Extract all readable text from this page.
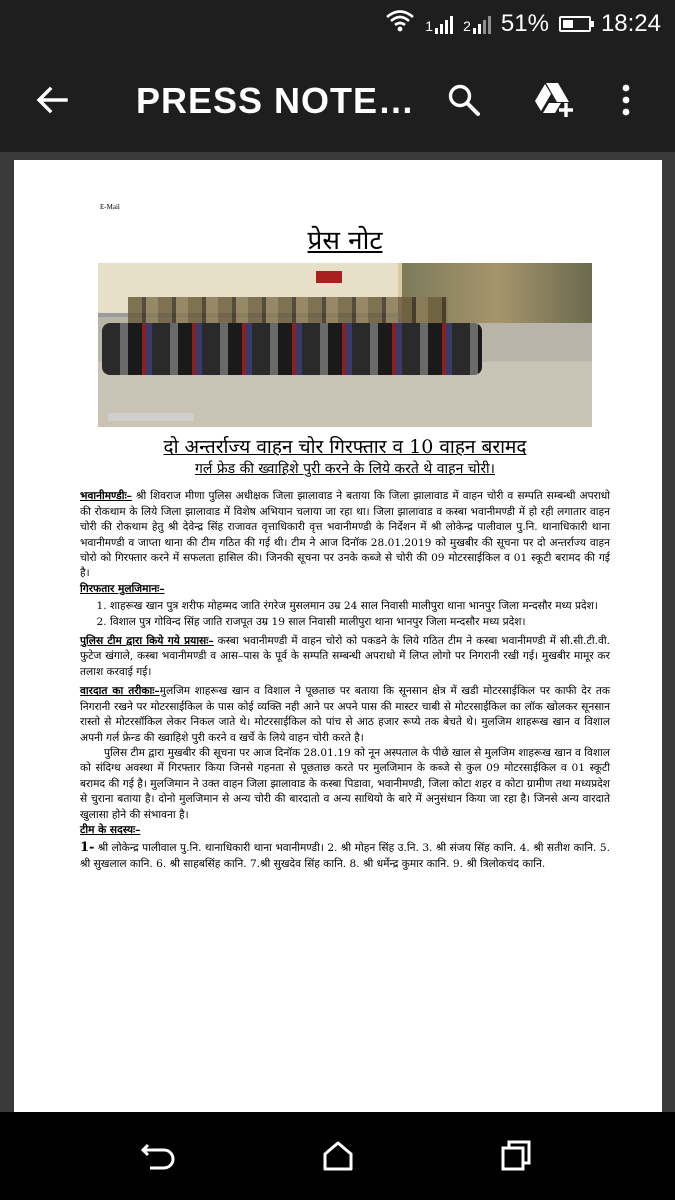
1 2 51% 18:24
PRESS NOTE…
E-Mail
प्रेस नोट
दो अन्तर्राज्य वाहन चोर गिरफ्तार व 10 वाहन बरामद
गर्ल फ्रेड की ख्वाहिशे पुरी करने के लिये करते थे वाहन चोरी।
भवानीमण्डीः– श्री शिवराज मीणा पुलिस अधीक्षक जिला झालावाड ने बताया कि जिला झालावाड में वाहन चोरी व सम्पति सम्बन्धी अपराधो की रोकथाम के लिये जिला झालावाड में विशेष अभियान चलाया जा रहा था। जिला झालावाड व कस्बा भवानीमण्डी में हो रही लगातार वाहन चोरी की रोकथाम हेतु श्री देवेन्द्र सिंह राजावत वृत्ताधिकारी वृत्त भवानीमण्डी के निर्देशन में श्री लोकेन्द्र पालीवाल पु.नि. थानाधिकारी थाना भवानीमण्डी व जाप्ता थाना की टीम गठित की गई थी। टीम ने आज दिनॉक 28.01.2019 को मुखबीर की सूचना पर दो अन्तर्राज्य वाहन चोरो को गिरफ्तार करने में सफलता हासिल की। जिनकी सूचना पर उनके कब्जे से चोरी की 09 मोटरसाईकिल व 01 स्कूटी बरामद की गई है।
गिरफतार मुलजिमानः–
1. शाहरूख खान पुत्र शरीफ मोहम्मद जाति रंगरेज मुसलमान उम्र 24 साल निवासी मालीपुरा थाना भानपुर जिला मन्दसौर मध्य प्रदेश।
2. विशाल पुत्र गोविन्द सिंह जाति राजपूत उम्र 19 साल निवासी मालीपुरा थाना भानपुर जिला मन्दसौर मध्य प्रदेश।
पुलिस टीम द्वारा किये गये प्रयासः– कस्बा भवानीमण्डी में वाहन चोरो को पकडने के लिये गठित टीम ने कस्बा भवानीमण्डी में सी.सी.टी.वी. फुटेज खंगाले, कस्बा भवानीमण्डी व आस–पास के पूर्व के सम्पति सम्बन्धी अपराधो में लिप्त लोगो पर निगरानी रखी गई। मुखबीर मामूर कर तलाश करवाई गई।
वारदात का तरीकाः–मुलजिम शाहरूख खान व विशाल ने पूछताछ पर बताया कि सूनसान क्षेत्र में खडी मोटरसाईकिल पर काफी देर तक निगरानी रखने पर मोटरसाईकिल के पास कोई व्यक्ति नही आने पर अपने पास की मास्टर चाबी से मोटरसाईकिल का लॉक खोलकर सूनसान रास्तो से मोटरसॉकिल लेकर निकल जाते थे। मोटरसाईकिल को पांच से आठ हजार रूप्ये तक बेचते थे। मुलजिम शाहरूख खान व विशाल अपनी गर्ल फ्रेन्ड की ख्वाहिशे पुरी करने व खर्चे के लिये वाहन चोरी करते है।
पुलिस टीम द्वारा मुखबीर की सूचना पर आज दिनॉक 28.01.19 को नून अस्पताल के पीछे खाल से मुलजिम शाहरूख खान व विशाल को संदिग्ध अवस्था में गिरफ्तार किया जिनसे गहनता से पूछताछ करते पर मुलजिमान के कब्जे से कुल 09 मोटरसाईकिल व 01 स्कूटी बरामद की गई है। मुलजिमान ने उक्त वाहन जिला झालावाड के कस्बा पिडावा, भवानीमण्डी, जिला कोटा शहर व कोटा ग्रामीण तथा मध्यप्रदेश से चुराना बताया है। दोनो मुलजिमान से अन्य चोरी की बारदातो व अन्य साथियो के बारे में अनुसंधान किया जा रहा है। जिनसे अन्य वारदाते खुलासा होने की संभावना है।
टीम के सदस्यः–
1- श्री लोकेन्द्र पालीवाल पु.नि. थानाधिकारी थाना भवानीमण्डी। 2. श्री मोहन सिंह उ.नि. 3. श्री संजय सिंह कानि. 4. श्री सतीश कानि. 5. श्री सुखलाल कानि. 6. श्री साहबसिंह कानि. 7.श्री सुखदेव सिंह कानि. 8. श्री धर्मेन्द्र कुमार कानि. 9. श्री त्रिलोकचंद कानि.
